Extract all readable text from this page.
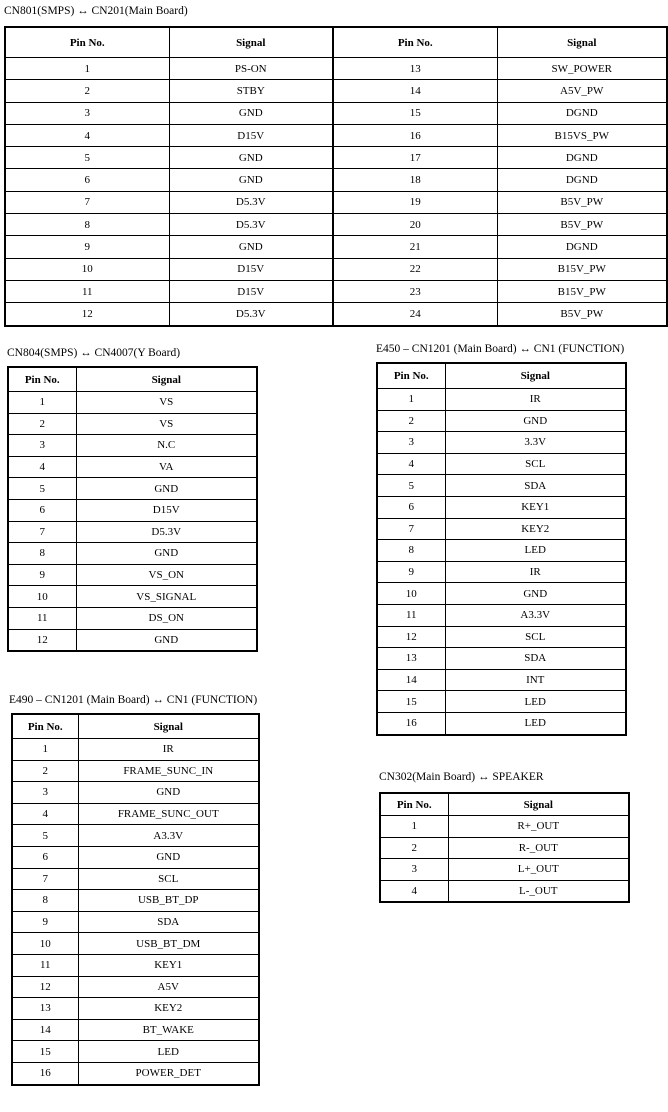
CN801(SMPS) ↔ CN201(Main Board)
Pin No.	Signal	Pin No.	Signal
1	PS-ON	13	SW_POWER
2	STBY	14	A5V_PW
3	GND	15	DGND
4	D15V	16	B15VS_PW
5	GND	17	DGND
6	GND	18	DGND
7	D5.3V	19	B5V_PW
8	D5.3V	20	B5V_PW
9	GND	21	DGND
10	D15V	22	B15V_PW
11	D15V	23	B15V_PW
12	D5.3V	24	B5V_PW
CN804(SMPS) ↔ CN4007(Y Board)
Pin No.	Signal
1	VS
2	VS
3	N.C
4	VA
5	GND
6	D15V
7	D5.3V
8	GND
9	VS_ON
10	VS_SIGNAL
11	DS_ON
12	GND
E450 – CN1201 (Main Board) ↔ CN1 (FUNCTION)
Pin No.	Signal
1	IR
2	GND
3	3.3V
4	SCL
5	SDA
6	KEY1
7	KEY2
8	LED
9	IR
10	GND
11	A3.3V
12	SCL
13	SDA
14	INT
15	LED
16	LED
E490 – CN1201 (Main Board) ↔ CN1 (FUNCTION)
Pin No.	Signal
1	IR
2	FRAME_SUNC_IN
3	GND
4	FRAME_SUNC_OUT
5	A3.3V
6	GND
7	SCL
8	USB_BT_DP
9	SDA
10	USB_BT_DM
11	KEY1
12	A5V
13	KEY2
14	BT_WAKE
15	LED
16	POWER_DET
CN302(Main Board) ↔ SPEAKER
Pin No.	Signal
1	R+_OUT
2	R-_OUT
3	L+_OUT
4	L-_OUT
